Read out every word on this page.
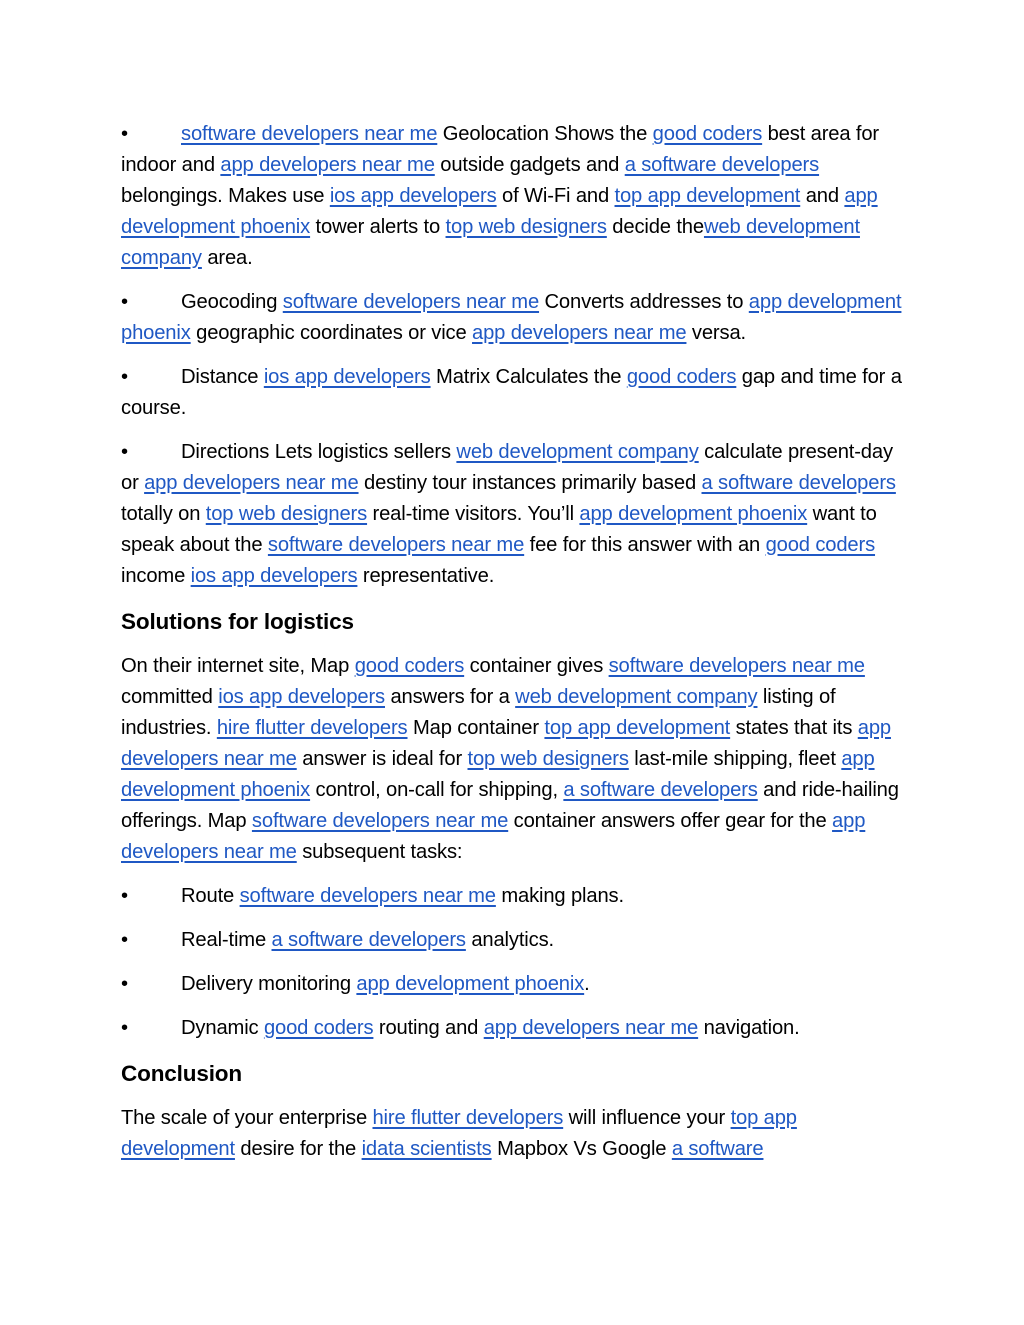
•	software developers near me Geolocation Shows the good coders best area for indoor and app developers near me outside gadgets and a software developers belongings. Makes use ios app developers of Wi-Fi and top app development and app development phoenix tower alerts to top web designers decide theweb development company area.

•	Geocoding software developers near me Converts addresses to app development phoenix geographic coordinates or vice app developers near me versa.

•	Distance ios app developers Matrix Calculates the good coders gap and time for a course.

•	Directions Lets logistics sellers web development company calculate present-day or app developers near me destiny tour instances primarily based a software developers totally on top web designers real-time visitors. You’ll app development phoenix want to speak about the software developers near me fee for this answer with an good coders income ios app developers representative.

Solutions for logistics

On their internet site, Map good coders container gives software developers near me committed ios app developers answers for a web development company listing of industries. hire flutter developers Map container top app development states that its app developers near me answer is ideal for top web designers last-mile shipping, fleet app development phoenix control, on-call for shipping, a software developers and ride-hailing offerings. Map software developers near me container answers offer gear for the app developers near me subsequent tasks:

•	Route software developers near me making plans.

•	Real-time a software developers analytics.

•	Delivery monitoring app development phoenix.

•	Dynamic good coders routing and app developers near me navigation.

Conclusion

The scale of your enterprise hire flutter developers will influence your top app development desire for the idata scientists Mapbox Vs Google a software
